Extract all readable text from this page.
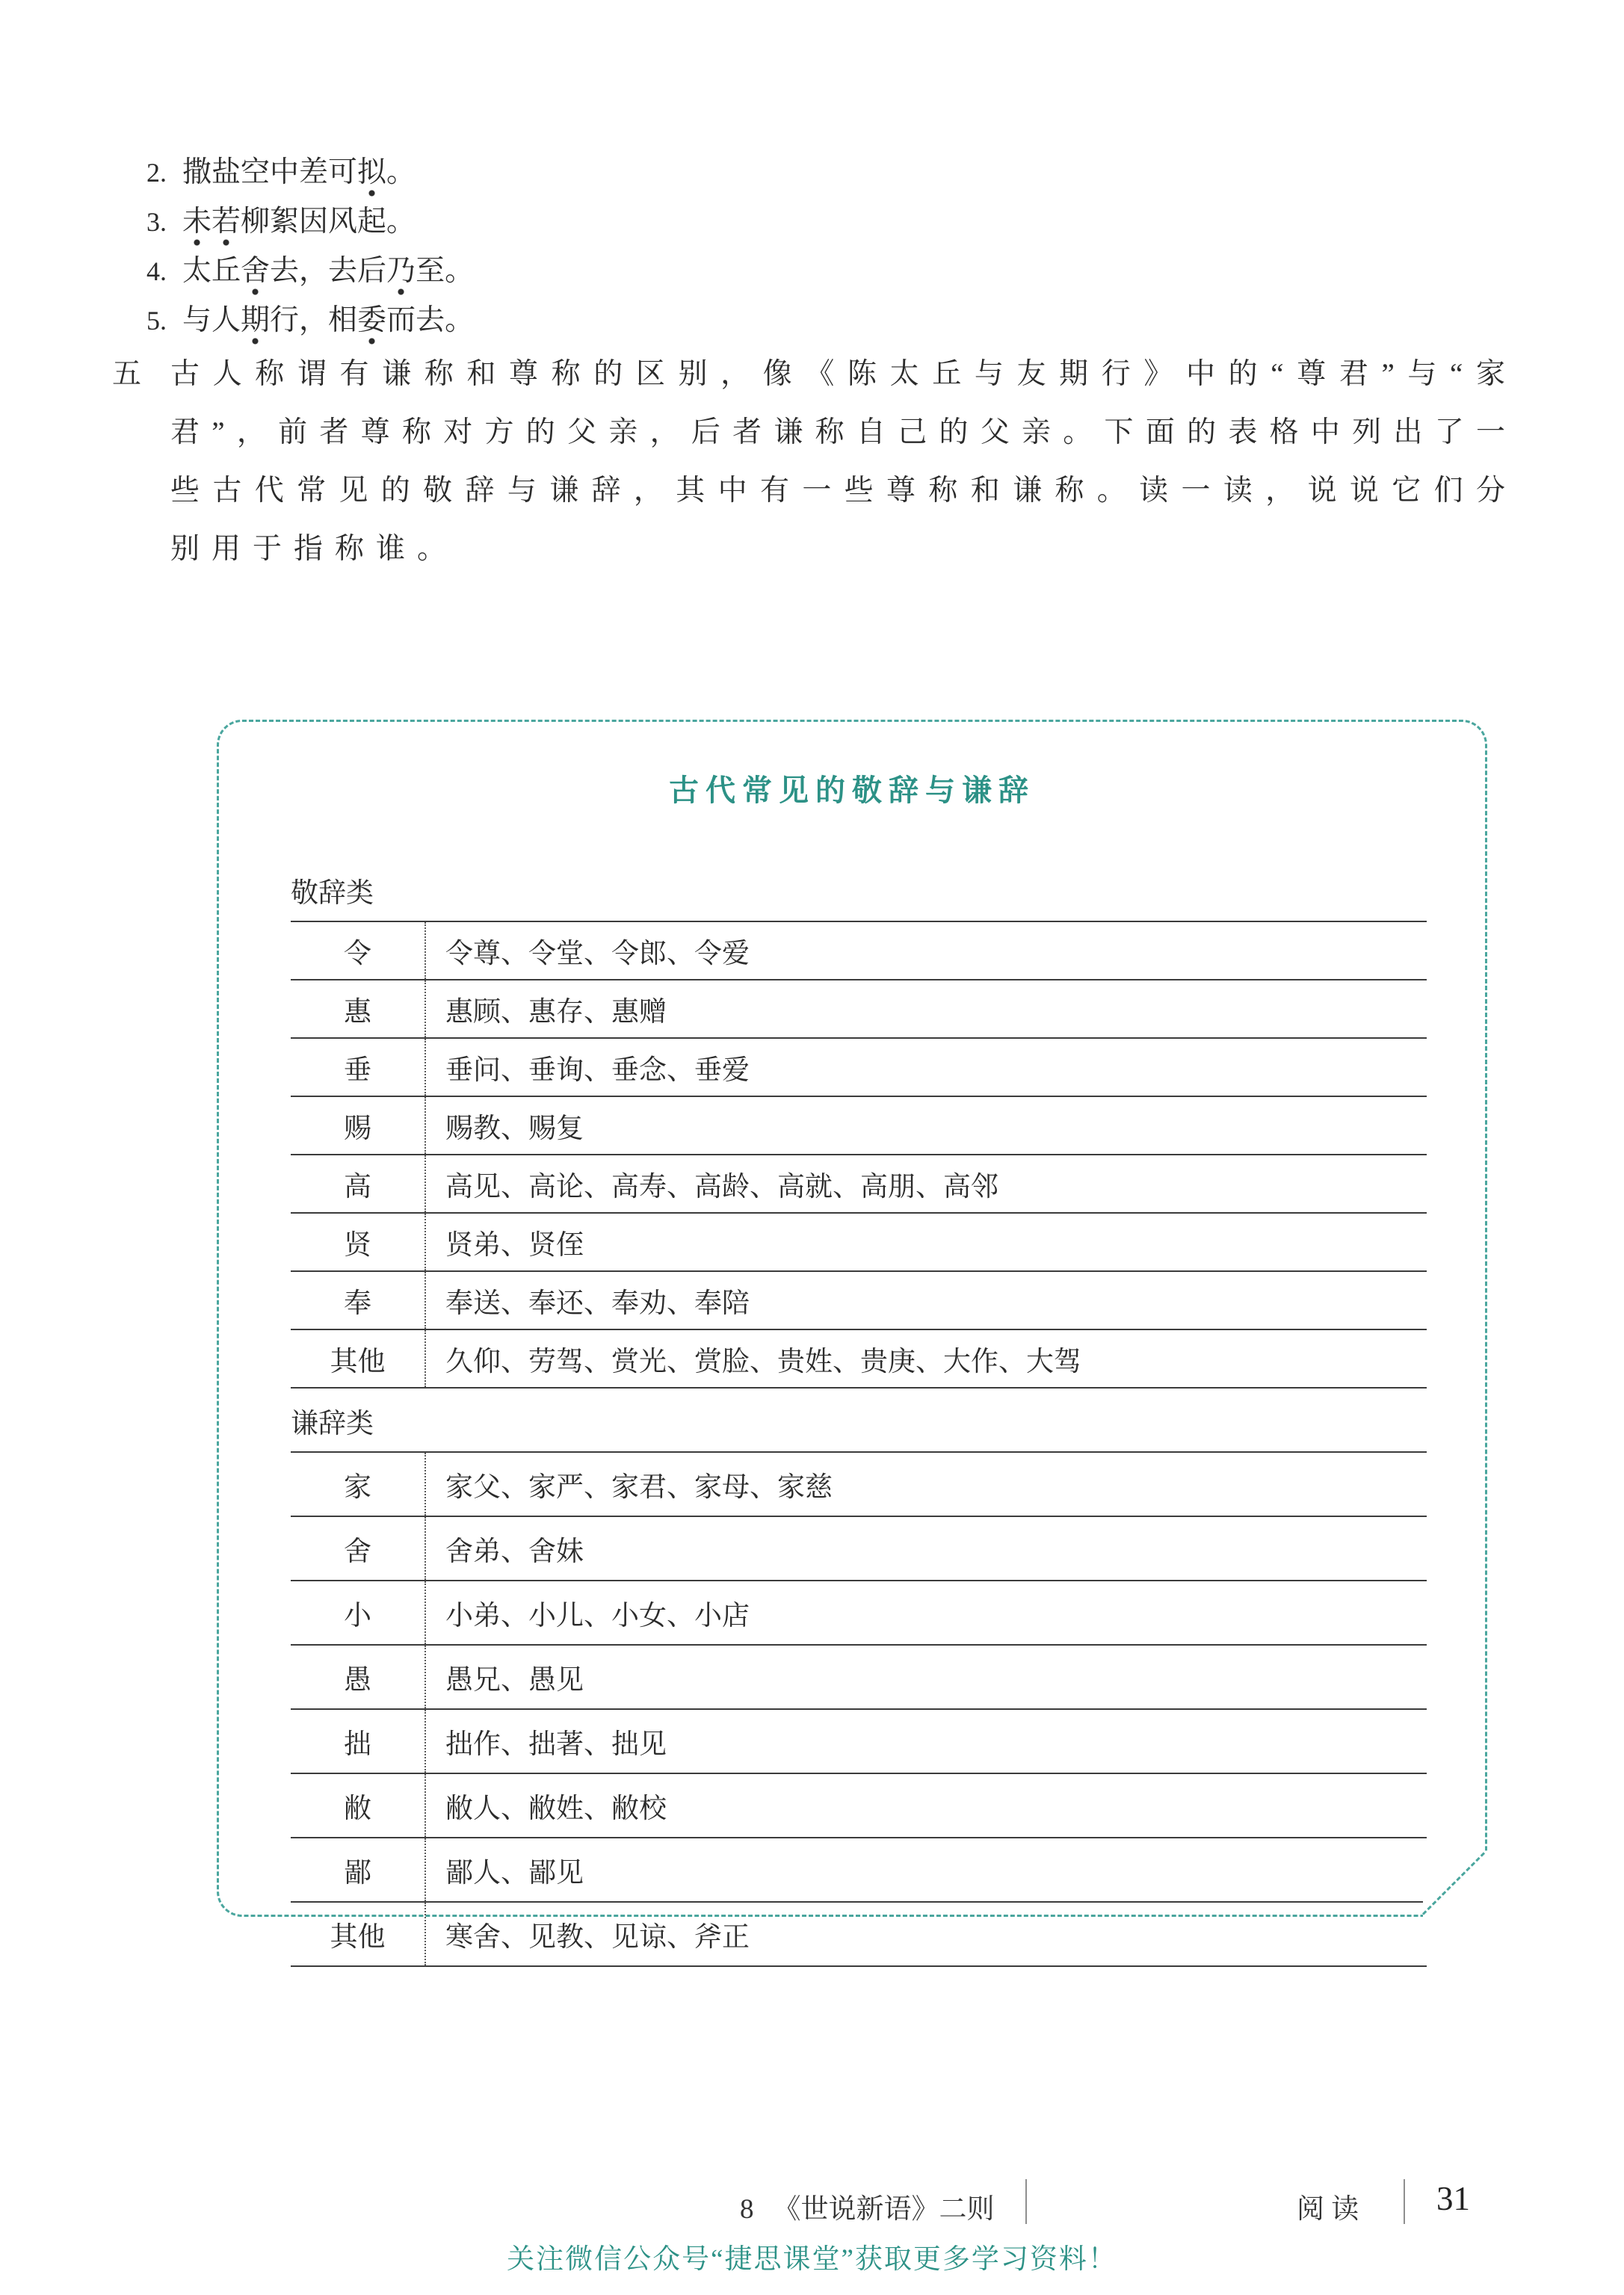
2. 撒盐空中差可拟。
3. 未若柳絮因风起。
4. 太丘舍去，去后乃至。
5. 与人期行，相委而去。
五 古人称谓有谦称和尊称的区别，像《陈太丘与友期行》中的“尊君”与“家君”，前者尊称对方的父亲，后者谦称自己的父亲。下面的表格中列出了一些古代常见的敬辞与谦辞，其中有一些尊称和谦称。读一读，说说它们分别用于指称谁。
古代常见的敬辞与谦辞
敬辞类
令	令尊、令堂、令郎、令爱
惠	惠顾、惠存、惠赠
垂	垂问、垂询、垂念、垂爱
赐	赐教、赐复
高	高见、高论、高寿、高龄、高就、高朋、高邻
贤	贤弟、贤侄
奉	奉送、奉还、奉劝、奉陪
其他	久仰、劳驾、赏光、赏脸、贵姓、贵庚、大作、大驾
谦辞类
家	家父、家严、家君、家母、家慈
舍	舍弟、舍妹
小	小弟、小儿、小女、小店
愚	愚兄、愚见
拙	拙作、拙著、拙见
敝	敝人、敝姓、敝校
鄙	鄙人、鄙见
其他	寒舍、见教、见谅、斧正
8 《世说新语》二则	阅 读 31
关注微信公众号“捷思课堂”获取更多学习资料！
